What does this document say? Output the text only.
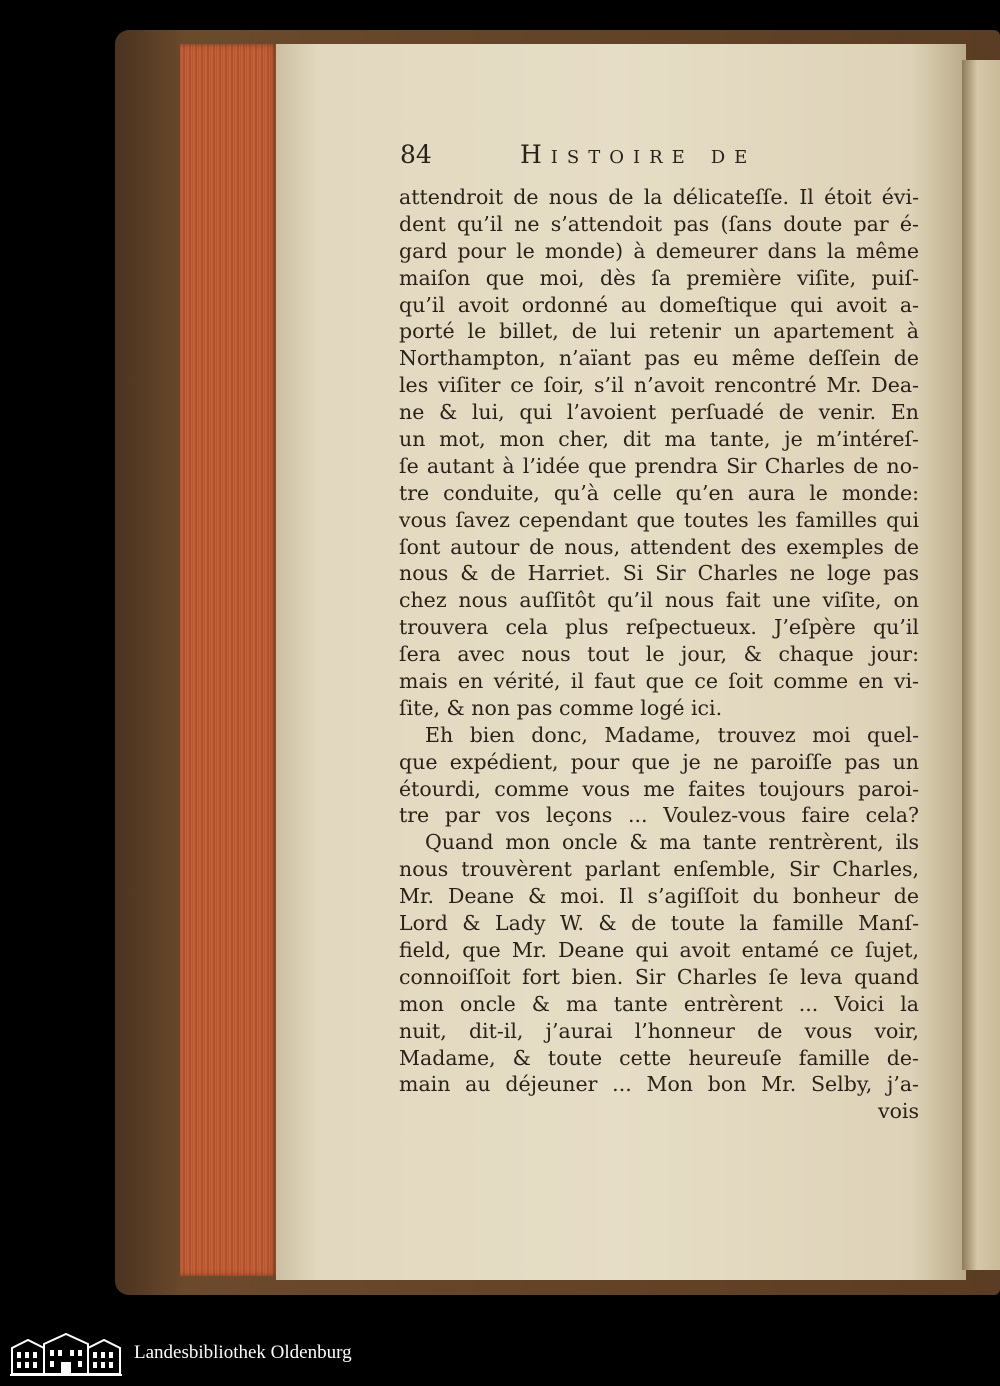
84	Histoire de
attendroit de nous de la délicateſſe. Il étoit évi-
dent qu’il ne s’attendoit pas (ſans doute par é-
gard pour le monde) à demeurer dans la même
maiſon que moi, dès ſa première viſite, puiſ-
qu’il avoit ordonné au domeſtique qui avoit a-
porté le billet, de lui retenir un apartement à
Northampton, n’aïant pas eu même deſſein de
les viſiter ce ſoir, s’il n’avoit rencontré Mr. Dea-
ne & lui, qui l’avoient perſuadé de venir. En
un mot, mon cher, dit ma tante, je m’intéreſ-
ſe autant à l’idée que prendra Sir Charles de no-
tre conduite, qu’à celle qu’en aura le monde:
vous ſavez cependant que toutes les familles qui
ſont autour de nous, attendent des exemples de
nous & de Harriet. Si Sir Charles ne loge pas
chez nous auſſitôt qu’il nous fait une viſite, on
trouvera cela plus reſpectueux. J’eſpère qu’il
ſera avec nous tout le jour, & chaque jour:
mais en vérité, il faut que ce ſoit comme en vi-
ſite, & non pas comme logé ici.
Eh bien donc, Madame, trouvez moi quel-
que expédient, pour que je ne paroiſſe pas un
étourdi, comme vous me faites toujours paroi-
tre par vos leçons ... Voulez-vous faire cela?
Quand mon oncle & ma tante rentrèrent, ils
nous trouvèrent parlant enſemble, Sir Charles,
Mr. Deane & moi. Il s’agiſſoit du bonheur de
Lord & Lady W. & de toute la famille Manſ-
field, que Mr. Deane qui avoit entamé ce ſujet,
connoiſſoit fort bien. Sir Charles ſe leva quand
mon oncle & ma tante entrèrent ... Voici la
nuit, dit-il, j’aurai l’honneur de vous voir,
Madame, & toute cette heureuſe famille de-
main au déjeuner ... Mon bon Mr. Selby, j’a-
vois
Landesbibliothek Oldenburg
